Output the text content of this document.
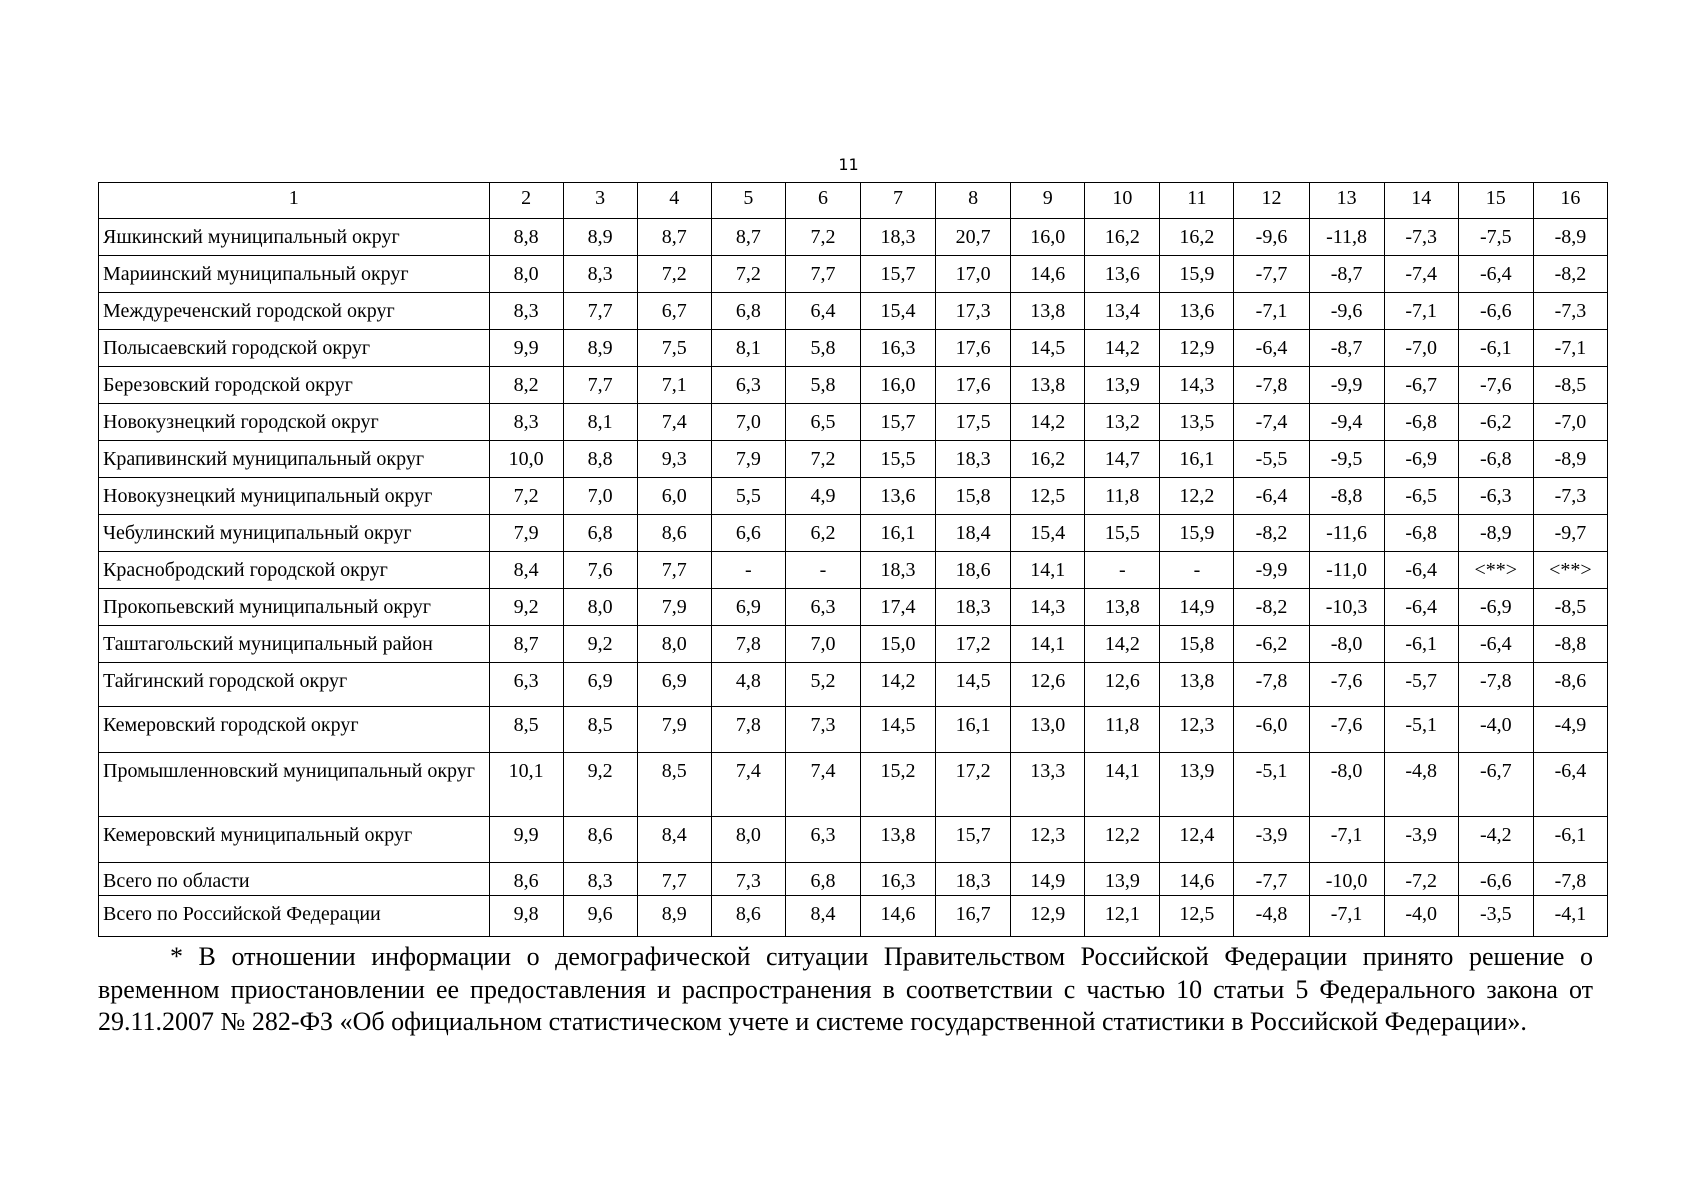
11
1	2	3	4	5	6	7	8	9	10	11	12	13	14	15	16
Яшкинский муниципальный округ	8,8	8,9	8,7	8,7	7,2	18,3	20,7	16,0	16,2	16,2	-9,6	-11,8	-7,3	-7,5	-8,9
Мариинский муниципальный округ	8,0	8,3	7,2	7,2	7,7	15,7	17,0	14,6	13,6	15,9	-7,7	-8,7	-7,4	-6,4	-8,2
Междуреченский городской округ	8,3	7,7	6,7	6,8	6,4	15,4	17,3	13,8	13,4	13,6	-7,1	-9,6	-7,1	-6,6	-7,3
Полысаевский городской округ	9,9	8,9	7,5	8,1	5,8	16,3	17,6	14,5	14,2	12,9	-6,4	-8,7	-7,0	-6,1	-7,1
Березовский городской округ	8,2	7,7	7,1	6,3	5,8	16,0	17,6	13,8	13,9	14,3	-7,8	-9,9	-6,7	-7,6	-8,5
Новокузнецкий городской округ	8,3	8,1	7,4	7,0	6,5	15,7	17,5	14,2	13,2	13,5	-7,4	-9,4	-6,8	-6,2	-7,0
Крапивинский муниципальный округ	10,0	8,8	9,3	7,9	7,2	15,5	18,3	16,2	14,7	16,1	-5,5	-9,5	-6,9	-6,8	-8,9
Новокузнецкий муниципальный округ	7,2	7,0	6,0	5,5	4,9	13,6	15,8	12,5	11,8	12,2	-6,4	-8,8	-6,5	-6,3	-7,3
Чебулинский муниципальный округ	7,9	6,8	8,6	6,6	6,2	16,1	18,4	15,4	15,5	15,9	-8,2	-11,6	-6,8	-8,9	-9,7
Краснобродский городской округ	8,4	7,6	7,7	-	-	18,3	18,6	14,1	-	-	-9,9	-11,0	-6,4	<**>	<**>
Прокопьевский муниципальный округ	9,2	8,0	7,9	6,9	6,3	17,4	18,3	14,3	13,8	14,9	-8,2	-10,3	-6,4	-6,9	-8,5
Таштагольский муниципальный район	8,7	9,2	8,0	7,8	7,0	15,0	17,2	14,1	14,2	15,8	-6,2	-8,0	-6,1	-6,4	-8,8
Тайгинский городской округ	6,3	6,9	6,9	4,8	5,2	14,2	14,5	12,6	12,6	13,8	-7,8	-7,6	-5,7	-7,8	-8,6
Кемеровский городской округ	8,5	8,5	7,9	7,8	7,3	14,5	16,1	13,0	11,8	12,3	-6,0	-7,6	-5,1	-4,0	-4,9
Промышленновский муниципальный округ	10,1	9,2	8,5	7,4	7,4	15,2	17,2	13,3	14,1	13,9	-5,1	-8,0	-4,8	-6,7	-6,4
Кемеровский муниципальный округ	9,9	8,6	8,4	8,0	6,3	13,8	15,7	12,3	12,2	12,4	-3,9	-7,1	-3,9	-4,2	-6,1
Всего по области	8,6	8,3	7,7	7,3	6,8	16,3	18,3	14,9	13,9	14,6	-7,7	-10,0	-7,2	-6,6	-7,8
Всего по Российской Федерации	9,8	9,6	8,9	8,6	8,4	14,6	16,7	12,9	12,1	12,5	-4,8	-7,1	-4,0	-3,5	-4,1
* В отношении информации о демографической ситуации Правительством Российской Федерации принято решение о временном приостановлении ее предоставления и распространения в соответствии с частью 10 статьи 5 Федерального закона от 29.11.2007 № 282-ФЗ «Об официальном статистическом учете и системе государственной статистики в Российской Федерации».
